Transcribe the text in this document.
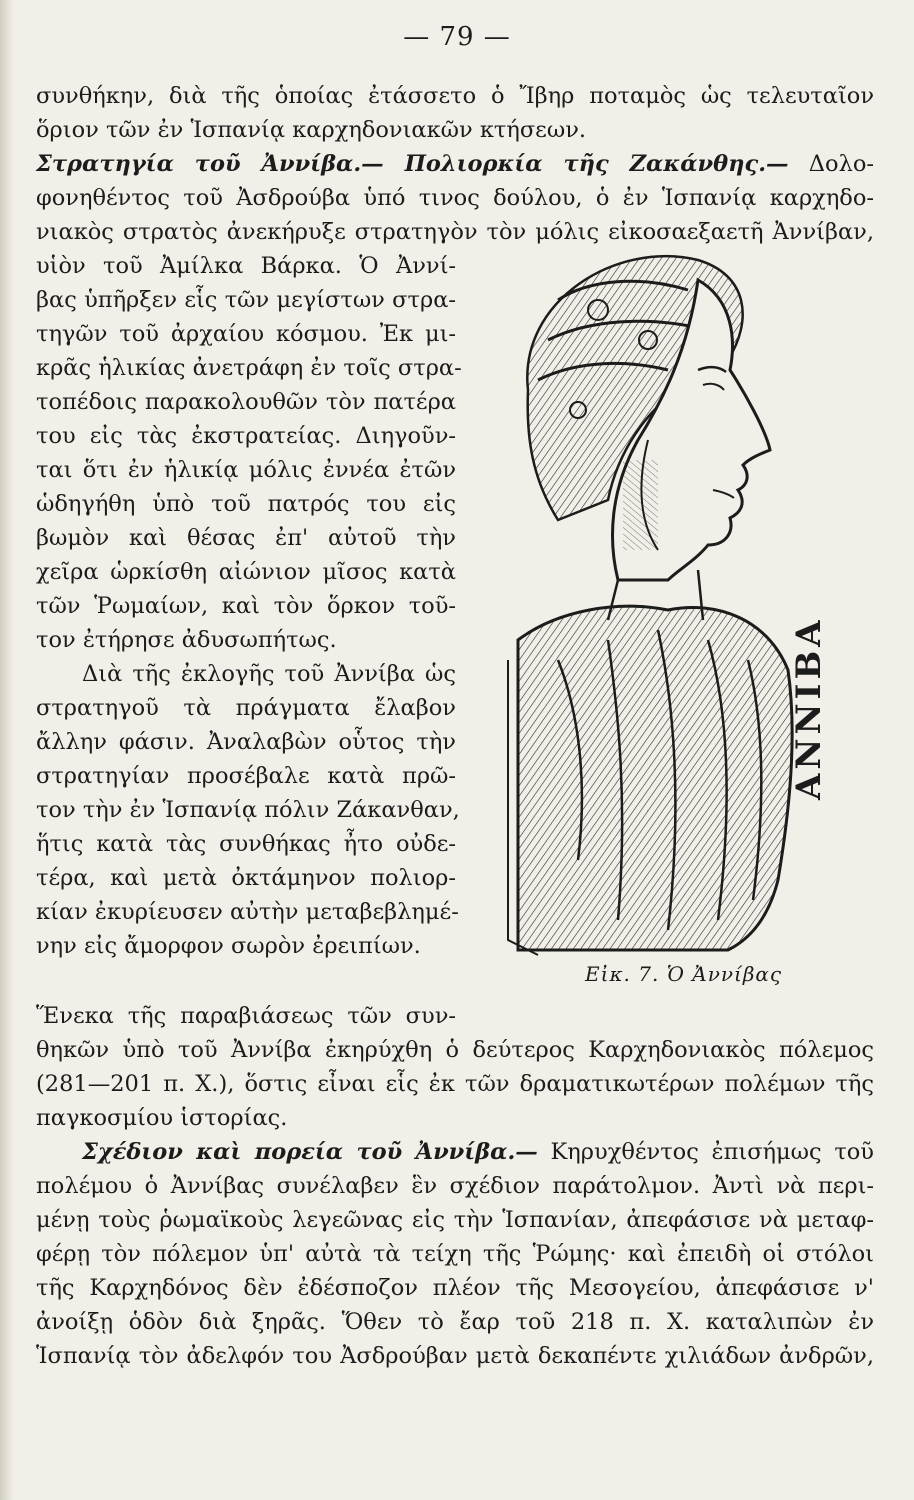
— 79 —
συνθήκην, διὰ τῆς ὁποίας ἐτάσσετο ὁ Ἴβηρ ποταμὸς ὡς τελευταῖον
ὅριον τῶν ἐν Ἱσπανίᾳ καρχηδονιακῶν κτήσεων.
Στρατηγία τοῦ Ἀννίβα.— Πολιορκία τῆς Ζακάνθης.— Δολο-
φονηθέντος τοῦ Ἀσδρούβα ὑπό τινος δούλου, ὁ ἐν Ἱσπανίᾳ καρχηδο-
νιακὸς στρατὸς ἀνεκήρυξε στρατηγὸν τὸν μόλις εἰκοσαεξαετῆ Ἀννίβαν,
υἱὸν τοῦ Ἀμίλκα Βάρκα. Ὁ Ἀννί-
βας ὑπῆρξεν εἷς τῶν μεγίστων στρα-
τηγῶν τοῦ ἀρχαίου κόσμου. Ἐκ μι-
κρᾶς ἡλικίας ἀνετράφη ἐν τοῖς στρα-
τοπέδοις παρακολουθῶν τὸν πατέρα
του εἰς τὰς ἐκστρατείας. Διηγοῦν-
ται ὅτι ἐν ἡλικίᾳ μόλις ἐννέα ἐτῶν
ὡδηγήθη ὑπὸ τοῦ πατρός του εἰς
βωμὸν καὶ θέσας ἐπ' αὐτοῦ τὴν
χεῖρα ὡρκίσθη αἰώνιον μῖσος κατὰ
τῶν Ῥωμαίων, καὶ τὸν ὅρκον τοῦ-
τον ἐτήρησε ἀδυσωπήτως.
Διὰ τῆς ἐκλογῆς τοῦ Ἀννίβα ὡς
στρατηγοῦ τὰ πράγματα ἔλαβον
ἄλλην φάσιν. Ἀναλαβὼν οὗτος τὴν
στρατηγίαν προσέβαλε κατὰ πρῶ-
τον τὴν ἐν Ἱσπανίᾳ πόλιν Ζάκανθαν,
ἥτις κατὰ τὰς συνθήκας ἦτο οὐδε-
τέρα, καὶ μετὰ ὀκτάμηνον πολιορ-
κίαν ἐκυρίευσεν αὐτὴν μεταβεβλημέ-
νην εἰς ἄμορφον σωρὸν ἐρειπίων.
Ἕνεκα τῆς παραβιάσεως τῶν συν-
θηκῶν ὑπὸ τοῦ Ἀννίβα ἐκηρύχθη ὁ δεύτερος Καρχηδονιακὸς πόλεμος
(281—201 π. Χ.), ὅστις εἶναι εἷς ἐκ τῶν δραματικωτέρων πολέμων τῆς
παγκοσμίου ἱστορίας.
Σχέδιον καὶ πορεία τοῦ Ἀννίβα.— Κηρυχθέντος ἐπισήμως τοῦ
πολέμου ὁ Ἀννίβας συνέλαβεν ἓν σχέδιον παράτολμον. Ἀντὶ νὰ περι-
μένῃ τοὺς ῥωμαϊκοὺς λεγεῶνας εἰς τὴν Ἱσπανίαν, ἀπεφάσισε νὰ μεταφ-
φέρῃ τὸν πόλεμον ὑπ' αὐτὰ τὰ τείχη τῆς Ῥώμης· καὶ ἐπειδὴ οἱ στόλοι
τῆς Καρχηδόνος δὲν ἐδέσποζον πλέον τῆς Μεσογείου, ἀπεφάσισε ν'
ἀνοίξῃ ὁδὸν διὰ ξηρᾶς. Ὅθεν τὸ ἔαρ τοῦ 218 π. Χ. καταλιπὼν ἐν
Ἱσπανίᾳ τὸν ἀδελφόν του Ἀσδρούβαν μετὰ δεκαπέντε χιλιάδων ἀνδρῶν,
ANNIBA
Εἰκ. 7. Ὁ Ἀννίβας
